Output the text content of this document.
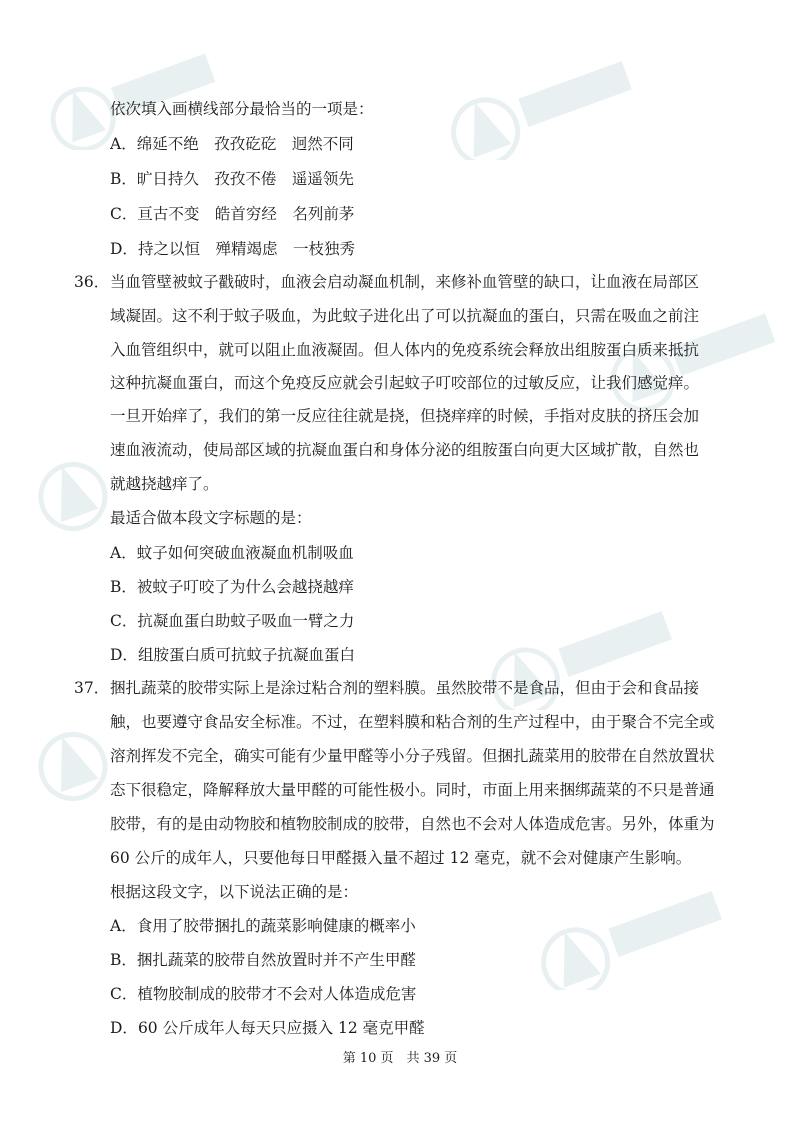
依次填入画横线部分最恰当的一项是：
A．绵延不绝　孜孜矻矻　迥然不同
B．旷日持久　孜孜不倦　遥遥领先
C．亘古不变　皓首穷经　名列前茅
D．持之以恒　殚精竭虑　一枝独秀
36． 当血管壁被蚊子戳破时，血液会启动凝血机制，来修补血管壁的缺口，让血液在局部区
域凝固。这不利于蚊子吸血，为此蚊子进化出了可以抗凝血的蛋白，只需在吸血之前注
入血管组织中，就可以阻止血液凝固。但人体内的免疫系统会释放出组胺蛋白质来抵抗
这种抗凝血蛋白，而这个免疫反应就会引起蚊子叮咬部位的过敏反应，让我们感觉痒。
一旦开始痒了，我们的第一反应往往就是挠，但挠痒痒的时候，手指对皮肤的挤压会加
速血液流动，使局部区域的抗凝血蛋白和身体分泌的组胺蛋白向更大区域扩散，自然也
就越挠越痒了。
最适合做本段文字标题的是：
A．蚊子如何突破血液凝血机制吸血
B．被蚊子叮咬了为什么会越挠越痒
C．抗凝血蛋白助蚊子吸血一臂之力
D．组胺蛋白质可抗蚊子抗凝血蛋白
37． 捆扎蔬菜的胶带实际上是涂过粘合剂的塑料膜。虽然胶带不是食品，但由于会和食品接
触，也要遵守食品安全标准。不过，在塑料膜和粘合剂的生产过程中，由于聚合不完全或
溶剂挥发不完全，确实可能有少量甲醛等小分子残留。但捆扎蔬菜用的胶带在自然放置状
态下很稳定，降解释放大量甲醛的可能性极小。同时，市面上用来捆绑蔬菜的不只是普通
胶带，有的是由动物胶和植物胶制成的胶带，自然也不会对人体造成危害。另外，体重为
60 公斤的成年人，只要他每日甲醛摄入量不超过 12 毫克，就不会对健康产生影响。
根据这段文字，以下说法正确的是：
A．食用了胶带捆扎的蔬菜影响健康的概率小
B．捆扎蔬菜的胶带自然放置时并不产生甲醛
C．植物胶制成的胶带才不会对人体造成危害
D．60 公斤成年人每天只应摄入 12 毫克甲醛
第 10 页　共 39 页
